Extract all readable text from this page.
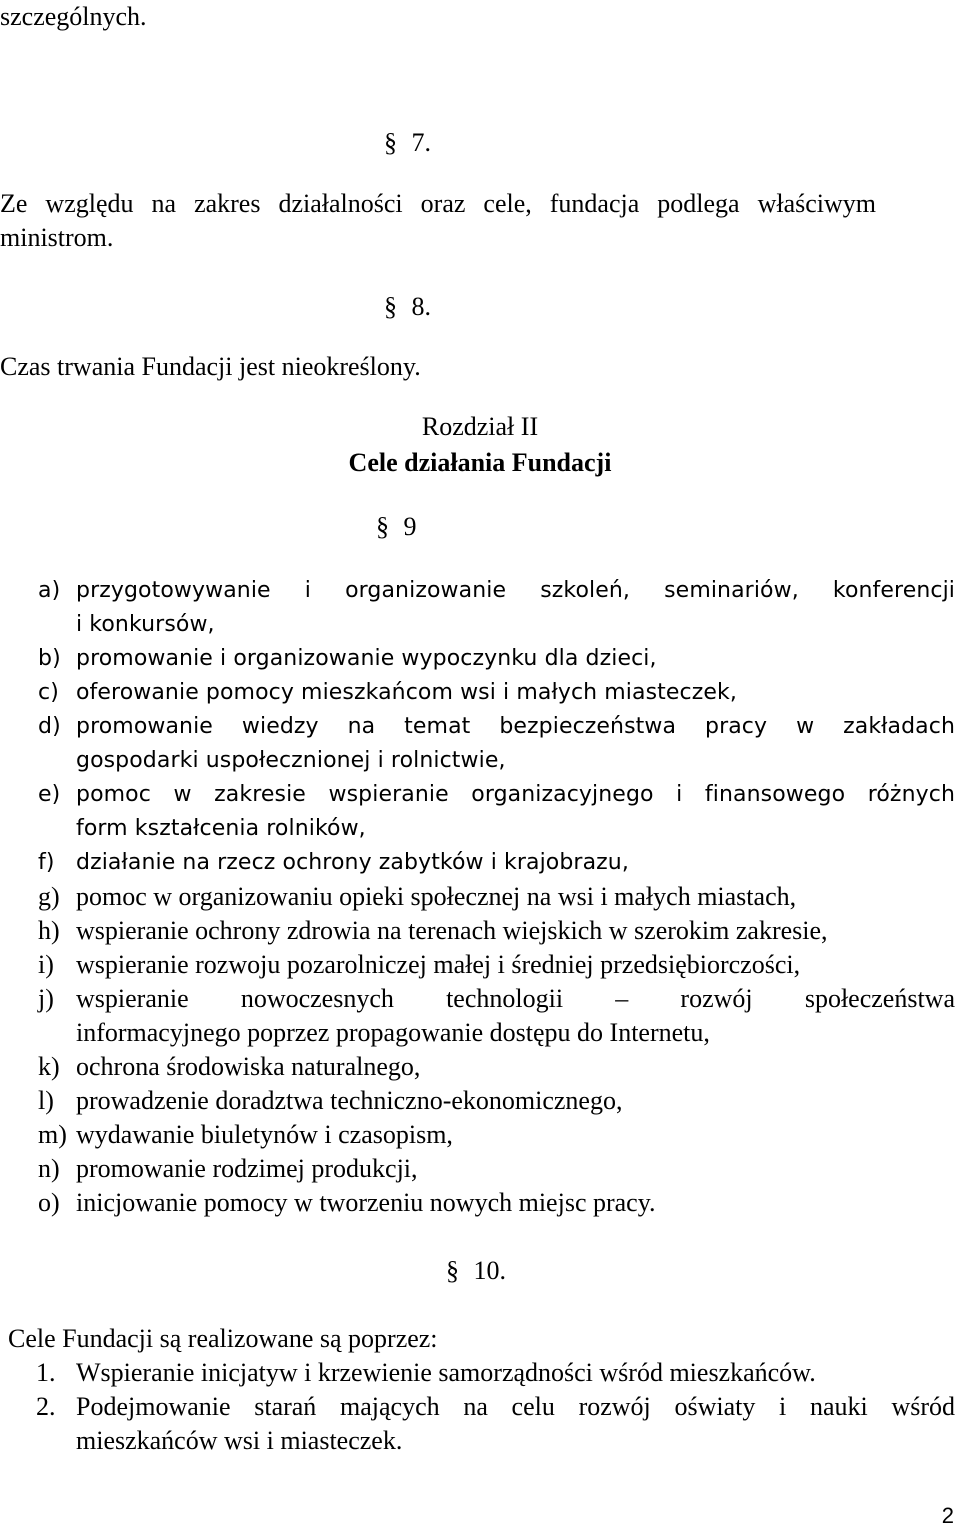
szczególnych.
§ 7.
Ze względu na zakres działalności oraz cele, fundacja podlega właściwym
ministrom.
§ 8.
Czas trwania Fundacji jest nieokreślony.
Rozdział II
Cele działania Fundacji
§ 9
a) przygotowywanie i organizowanie szkoleń, seminariów, konferencji
i konkursów,
b) promowanie i organizowanie wypoczynku dla dzieci,
c) oferowanie pomocy mieszkańcom wsi i małych miasteczek,
d) promowanie wiedzy na temat bezpieczeństwa pracy w zakładach
gospodarki uspołecznionej i rolnictwie,
e) pomoc w zakresie wspieranie organizacyjnego i finansowego różnych
form kształcenia rolników,
f) działanie na rzecz ochrony zabytków i krajobrazu,
g) pomoc w organizowaniu opieki społecznej na wsi i małych miastach,
h) wspieranie ochrony zdrowia na terenach wiejskich w szerokim zakresie,
i) wspieranie rozwoju pozarolniczej małej i średniej przedsiębiorczości,
j) wspieranie nowoczesnych technologii – rozwój społeczeństwa
informacyjnego poprzez propagowanie dostępu do Internetu,
k) ochrona środowiska naturalnego,
l) prowadzenie doradztwa techniczno-ekonomicznego,
m) wydawanie biuletynów i czasopism,
n) promowanie rodzimej produkcji,
o) inicjowanie pomocy w tworzeniu nowych miejsc pracy.
§ 10.
Cele Fundacji są realizowane są poprzez:
1. Wspieranie inicjatyw i krzewienie samorządności wśród mieszkańców.
2. Podejmowanie starań mających na celu rozwój oświaty i nauki wśród
mieszkańców wsi i miasteczek.
2
